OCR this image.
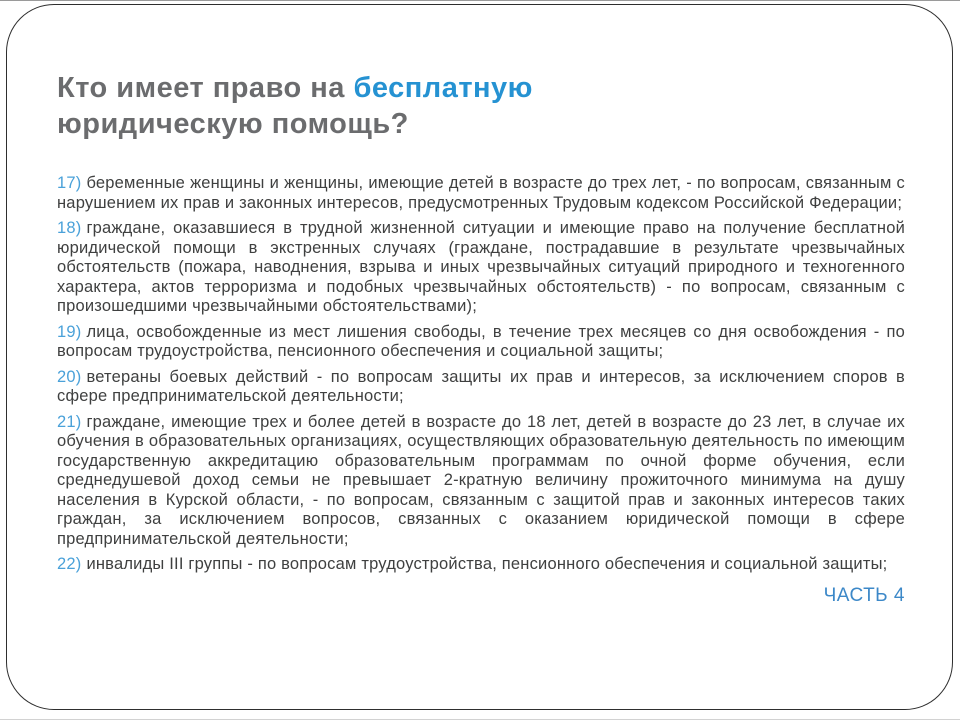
Кто имеет право на бесплатную
юридическую помощь?

17) беременные женщины и женщины, имеющие детей в возрасте до трех лет, - по вопросам, связанным с нарушением их прав и законных интересов, предусмотренных Трудовым кодексом Российской Федерации;

18) граждане, оказавшиеся в трудной жизненной ситуации и имеющие право на получение бесплатной юридической помощи в экстренных случаях (граждане, пострадавшие в результате чрезвычайных обстоятельств (пожара, наводнения, взрыва и иных чрезвычайных ситуаций природного и техногенного характера, актов терроризма и подобных чрезвычайных обстоятельств) - по вопросам, связанным с произошедшими чрезвычайными обстоятельствами);

19) лица, освобожденные из мест лишения свободы, в течение трех месяцев со дня освобождения - по вопросам трудоустройства, пенсионного обеспечения и социальной защиты;

20) ветераны боевых действий - по вопросам защиты их прав и интересов, за исключением споров в сфере предпринимательской деятельности;

21) граждане, имеющие трех и более детей в возрасте до 18 лет, детей в возрасте до 23 лет, в случае их обучения в образовательных организациях, осуществляющих образовательную деятельность по имеющим государственную аккредитацию образовательным программам по очной форме обучения, если среднедушевой доход семьи не превышает 2-кратную величину прожиточного минимума на душу населения в Курской области, - по вопросам, связанным с защитой прав и законных интересов таких граждан, за исключением вопросов, связанных с оказанием юридической помощи в сфере предпринимательской деятельности;

22) инвалиды III группы - по вопросам трудоустройства, пенсионного обеспечения и социальной защиты;

ЧАСТЬ 4
